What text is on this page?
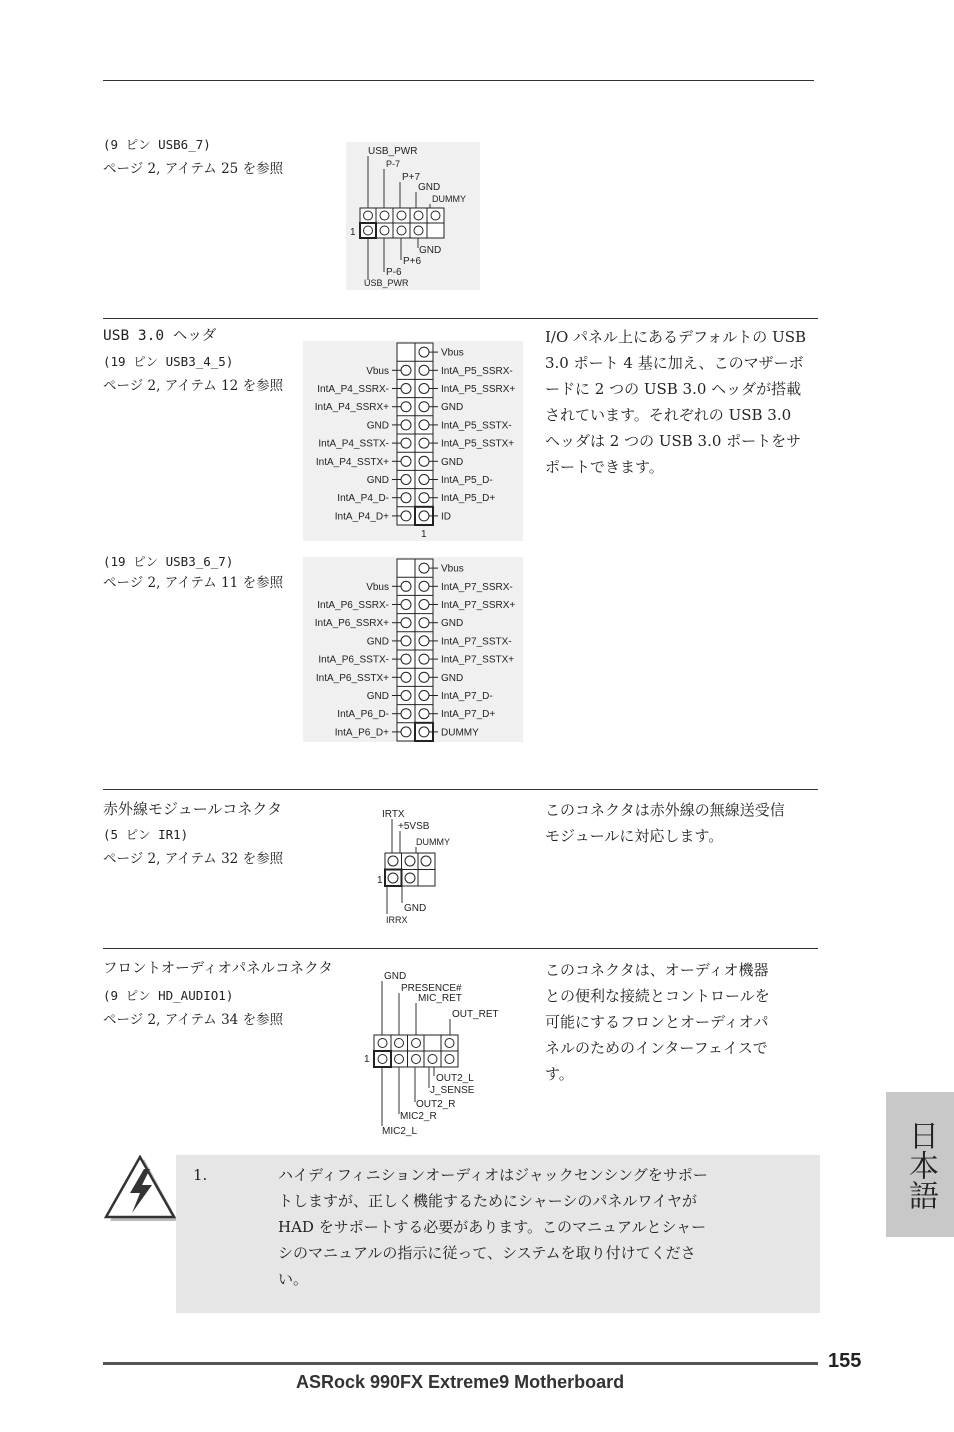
(9 ピン USB6_7)
ページ 2, アイテム 25 を参照
USB_PWR
P-7
P+7
GND
DUMMY
1
GND
P+6
P-6
USB_PWR
USB 3.0 ヘッダ
(19 ピン USB3_4_5)
ページ 2, アイテム 12 を参照
I/O パネル上にあるデフォルトの USB
3.0 ポート 4 基に加え、このマザーボ
ードに 2 つの USB 3.0 ヘッダが搭載
されています。それぞれの USB 3.0
ヘッダは 2 つの USB 3.0 ポートをサ
ポートできます。
Vbus
IntA_P5_SSRX-
IntA_P5_SSRX+
GND
IntA_P5_SSTX-
IntA_P5_SSTX+
GND
IntA_P5_D-
IntA_P5_D+
ID
Vbus
IntA_P4_SSRX-
IntA_P4_SSRX+
GND
IntA_P4_SSTX-
IntA_P4_SSTX+
GND
IntA_P4_D-
IntA_P4_D+
1
(19 ピン USB3_6_7)
ページ 2, アイテム 11 を参照
Vbus
IntA_P7_SSRX-
IntA_P7_SSRX+
GND
IntA_P7_SSTX-
IntA_P7_SSTX+
GND
IntA_P7_D-
IntA_P7_D+
DUMMY
Vbus
IntA_P6_SSRX-
IntA_P6_SSRX+
GND
IntA_P6_SSTX-
IntA_P6_SSTX+
GND
IntA_P6_D-
IntA_P6_D+
赤外線モジュールコネクタ
(5 ピン IR1)
ページ 2, アイテム 32 を参照
このコネクタは赤外線の無線送受信
モジュールに対応します。
IRTX
+5VSB
DUMMY
1
GND
IRRX
フロントオーディオパネルコネクタ
(9 ピン HD_AUDIO1)
ページ 2, アイテム 34 を参照
このコネクタは、オーディオ機器
との便利な接続とコントロールを
可能にするフロンとオーディオパ
ネルのためのインターフェイスで
す。
GND
PRESENCE#
MIC_RET
OUT_RET
1
OUT2_L
J_SENSE
OUT2_R
MIC2_R
MIC2_L
1.	ハイディフィニションオーディオはジャックセンシングをサポー
トしますが、正しく機能するためにシャーシのパネルワイヤが
HAD をサポートする必要があります。このマニュアルとシャー
シのマニュアルの指示に従って、システムを取り付けてくださ
い。
日本語
155
ASRock 990FX Extreme9 Motherboard
